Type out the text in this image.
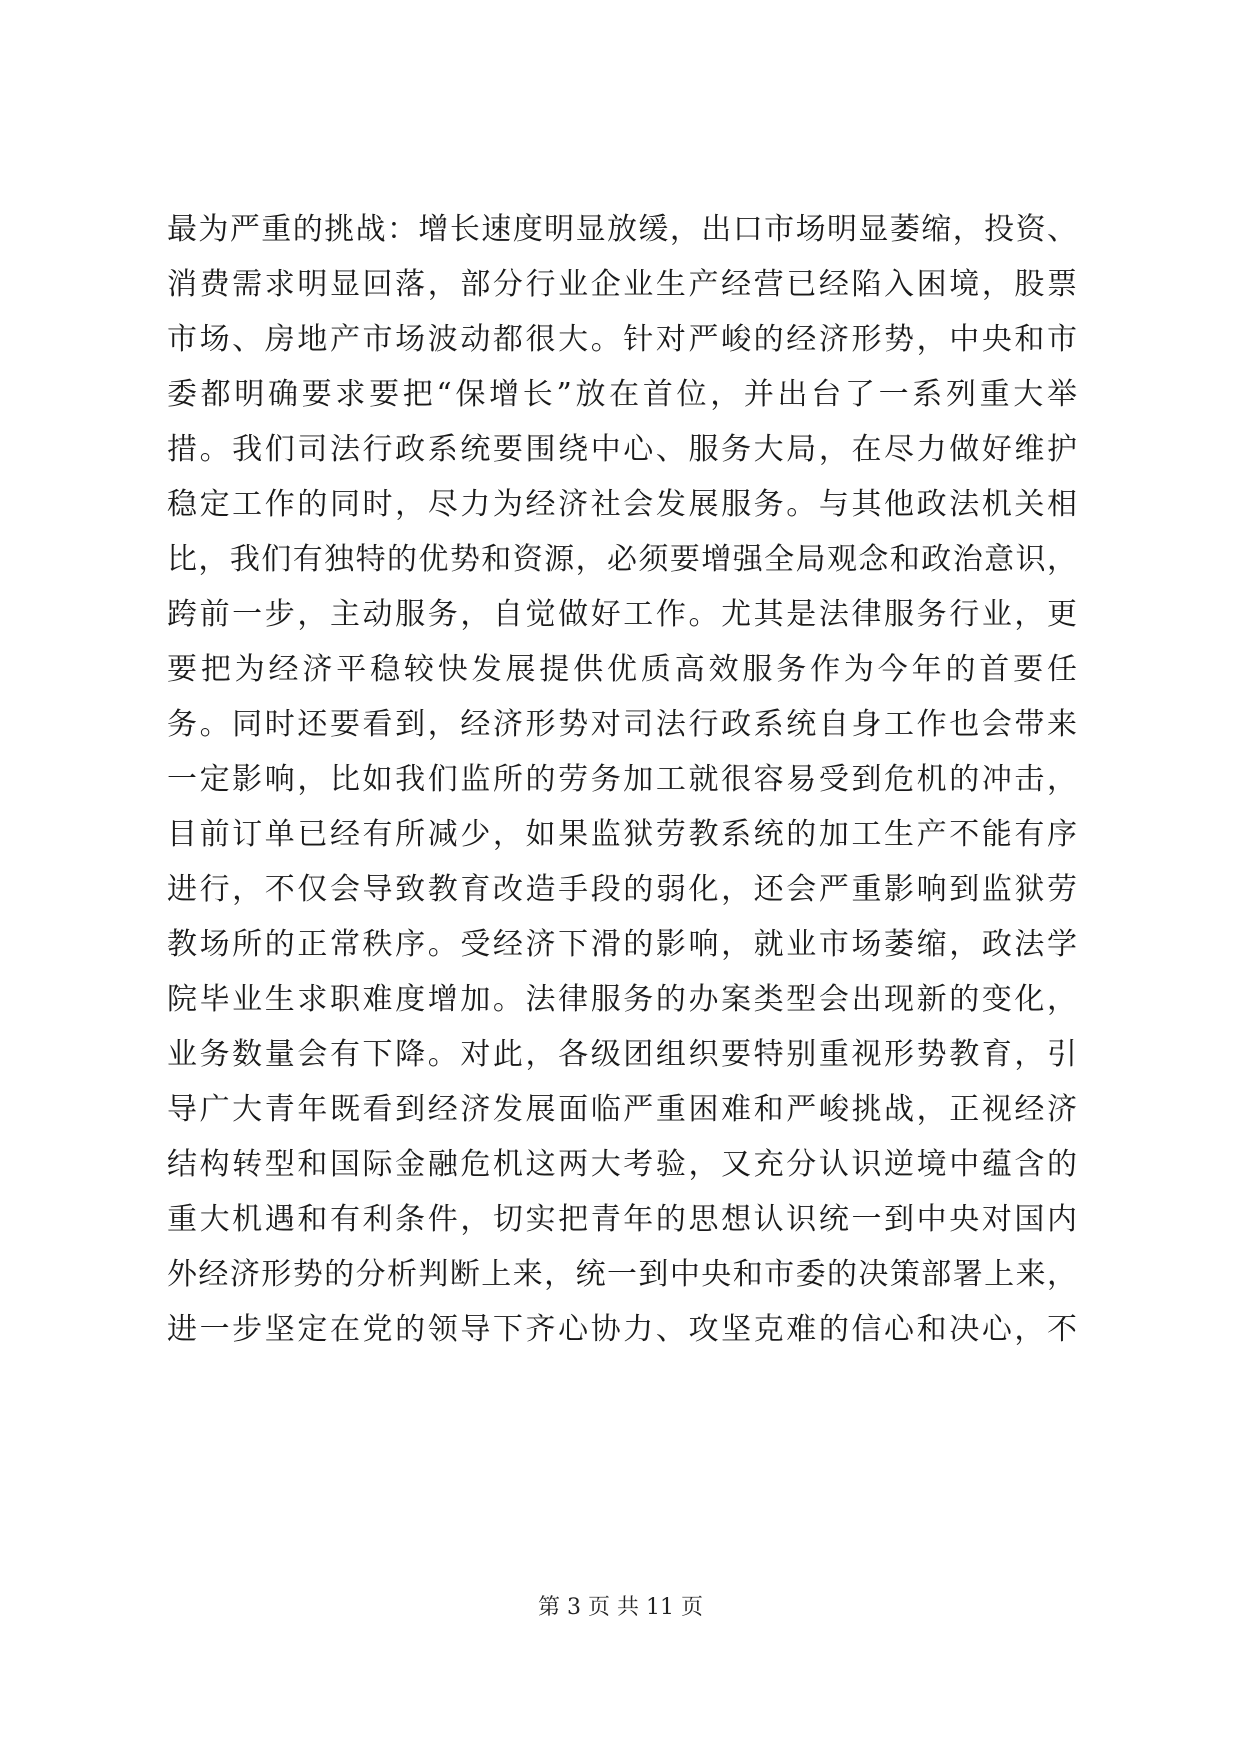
最为严重的挑战：增长速度明显放缓，出口市场明显萎缩，投资、
消费需求明显回落，部分行业企业生产经营已经陷入困境，股票
市场、房地产市场波动都很大。针对严峻的经济形势，中央和市
委都明确要求要把“保增长”放在首位，并出台了一系列重大举
措。我们司法行政系统要围绕中心、服务大局，在尽力做好维护
稳定工作的同时，尽力为经济社会发展服务。与其他政法机关相
比，我们有独特的优势和资源，必须要增强全局观念和政治意识，
跨前一步，主动服务，自觉做好工作。尤其是法律服务行业，更
要把为经济平稳较快发展提供优质高效服务作为今年的首要任
务。同时还要看到，经济形势对司法行政系统自身工作也会带来
一定影响，比如我们监所的劳务加工就很容易受到危机的冲击，
目前订单已经有所减少，如果监狱劳教系统的加工生产不能有序
进行，不仅会导致教育改造手段的弱化，还会严重影响到监狱劳
教场所的正常秩序。受经济下滑的影响，就业市场萎缩，政法学
院毕业生求职难度增加。法律服务的办案类型会出现新的变化，
业务数量会有下降。对此，各级团组织要特别重视形势教育，引
导广大青年既看到经济发展面临严重困难和严峻挑战，正视经济
结构转型和国际金融危机这两大考验，又充分认识逆境中蕴含的
重大机遇和有利条件，切实把青年的思想认识统一到中央对国内
外经济形势的分析判断上来，统一到中央和市委的决策部署上来，
进一步坚定在党的领导下齐心协力、攻坚克难的信心和决心，不
第 3 页 共 11 页
